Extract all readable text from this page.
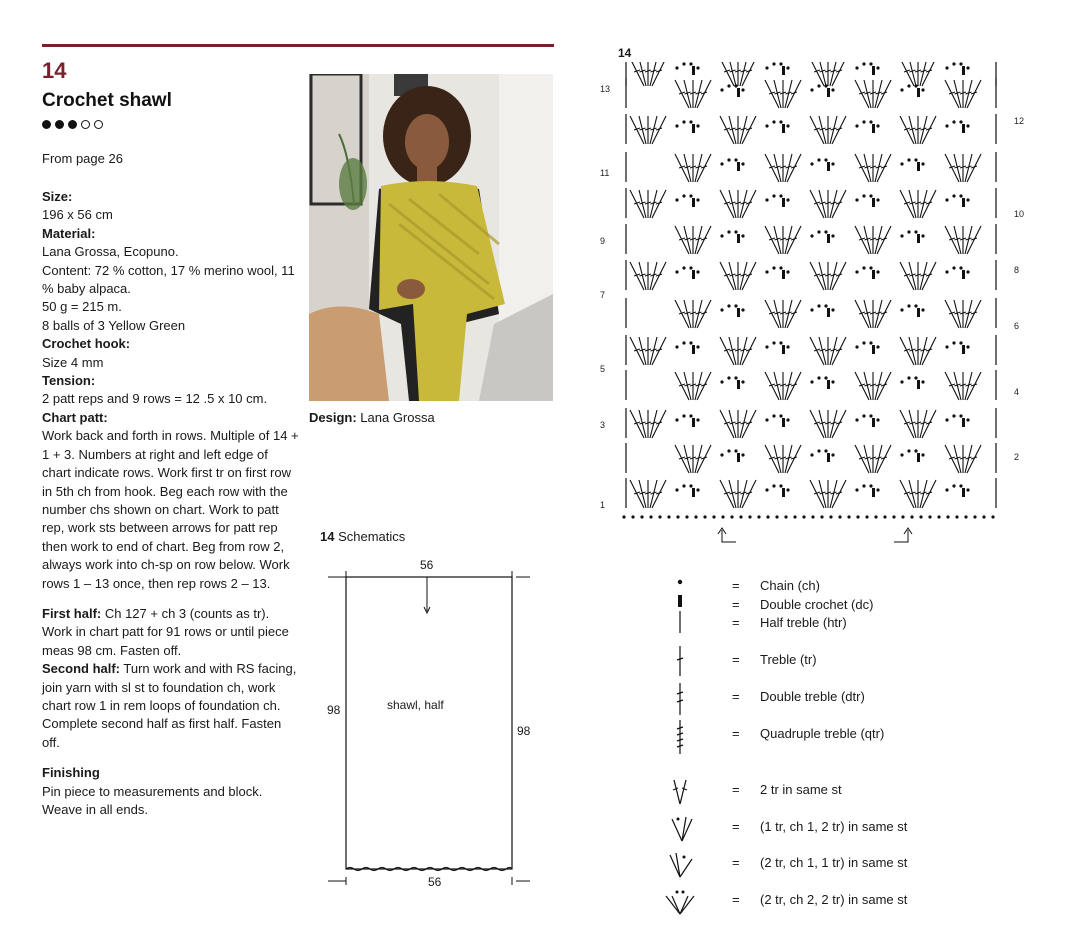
14
Crochet shawl
From page 26

Size:

196 x 56 cm

Material:

Lana Grossa, Ecopuno.

Content: 72 % cotton, 17 % merino wool, 11 % baby alpaca.

50 g = 215 m.

8 balls of 3 Yellow Green

Crochet hook:

Size 4 mm

Tension:

2 patt reps and 9 rows = 12 .5 x 10 cm.

Chart patt:

Work back and forth in rows. Multiple of 14 + 1 + 3. Numbers at right and left edge of chart indicate rows. Work first tr on first row in 5th ch from hook. Beg each row with the number chs shown on chart. Work to patt rep, work sts between arrows for patt rep then work to end of chart. Beg from row 2, always work into ch-sp on row below. Work rows 1 – 13 once, then rep rows 2 – 13.

First half: Ch 127 + ch 3 (counts as tr). Work in chart patt for 91 rows or until piece meas 98 cm. Fasten off.

Second half: Turn work and with RS facing, join yarn with sl st to foundation ch, work chart row 1 in rem loops of foundation ch. Complete second half as first half. Fasten off.

Finishing

Pin piece to measurements and block. Weave in all ends.

Design: Lana Grossa
14 Schematics
56
56
98
98
shawl, half
14
13
11
9
7
5
3
1
12
10
8
6
4
2
= Chain (ch)
= Double crochet (dc)
= Half treble (htr)
= Treble (tr)
= Double treble (dtr)
= Quadruple treble (qtr)
= 2 tr in same st
= (1 tr, ch 1, 2 tr) in same st
= (2 tr, ch 1, 1 tr) in same st
= (2 tr, ch 2, 2 tr) in same st
